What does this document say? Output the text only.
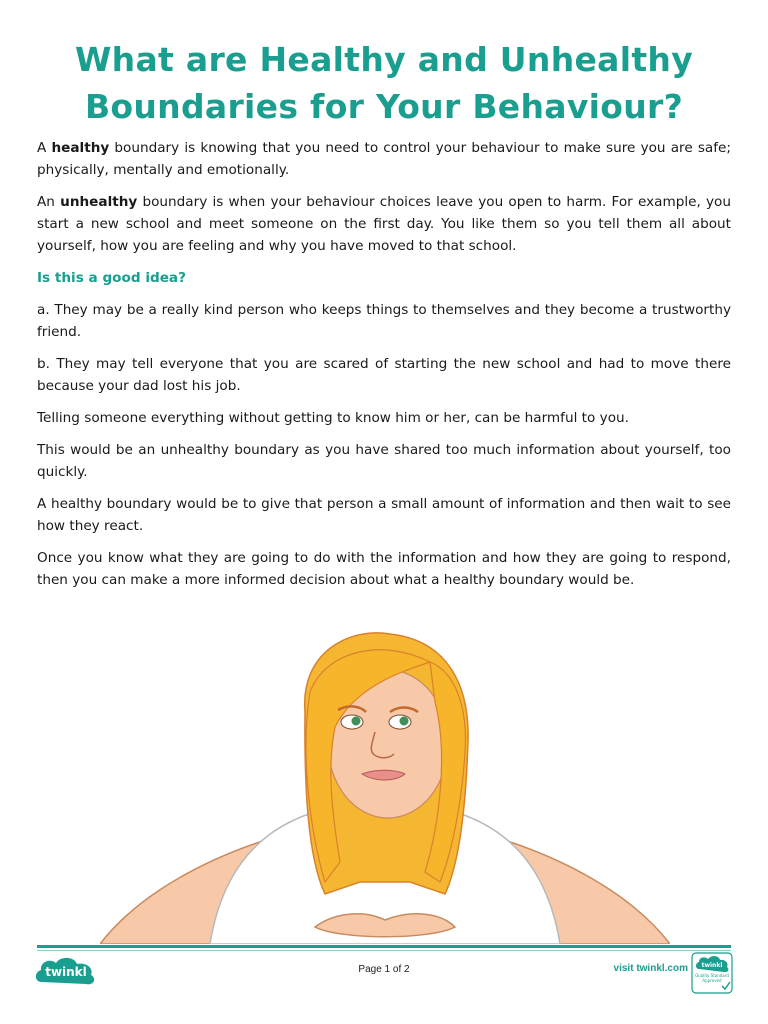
What are Healthy and Unhealthy
Boundaries for Your Behaviour?

A healthy boundary is knowing that you need to control your behaviour to make sure you are safe; physically, mentally and emotionally.

An unhealthy boundary is when your behaviour choices leave you open to harm. For example, you start a new school and meet someone on the first day. You like them so you tell them all about yourself, how you are feeling and why you have moved to that school.

Is this a good idea?

a. They may be a really kind person who keeps things to themselves and they become a trustworthy friend.

b. They may tell everyone that you are scared of starting the new school and had to move there because your dad lost his job.

Telling someone everything without getting to know him or her, can be harmful to you.

This would be an unhealthy boundary as you have shared too much information about yourself, too quickly.

A healthy boundary would be to give that person a small amount of information and then wait to see how they react.

Once you know what they are going to do with the information and how they are going to respond, then you can make a more informed decision about what a healthy boundary would be.

twinkl	Page 1 of 2	visit twinkl.com twinkl
Quality Standard Approved
